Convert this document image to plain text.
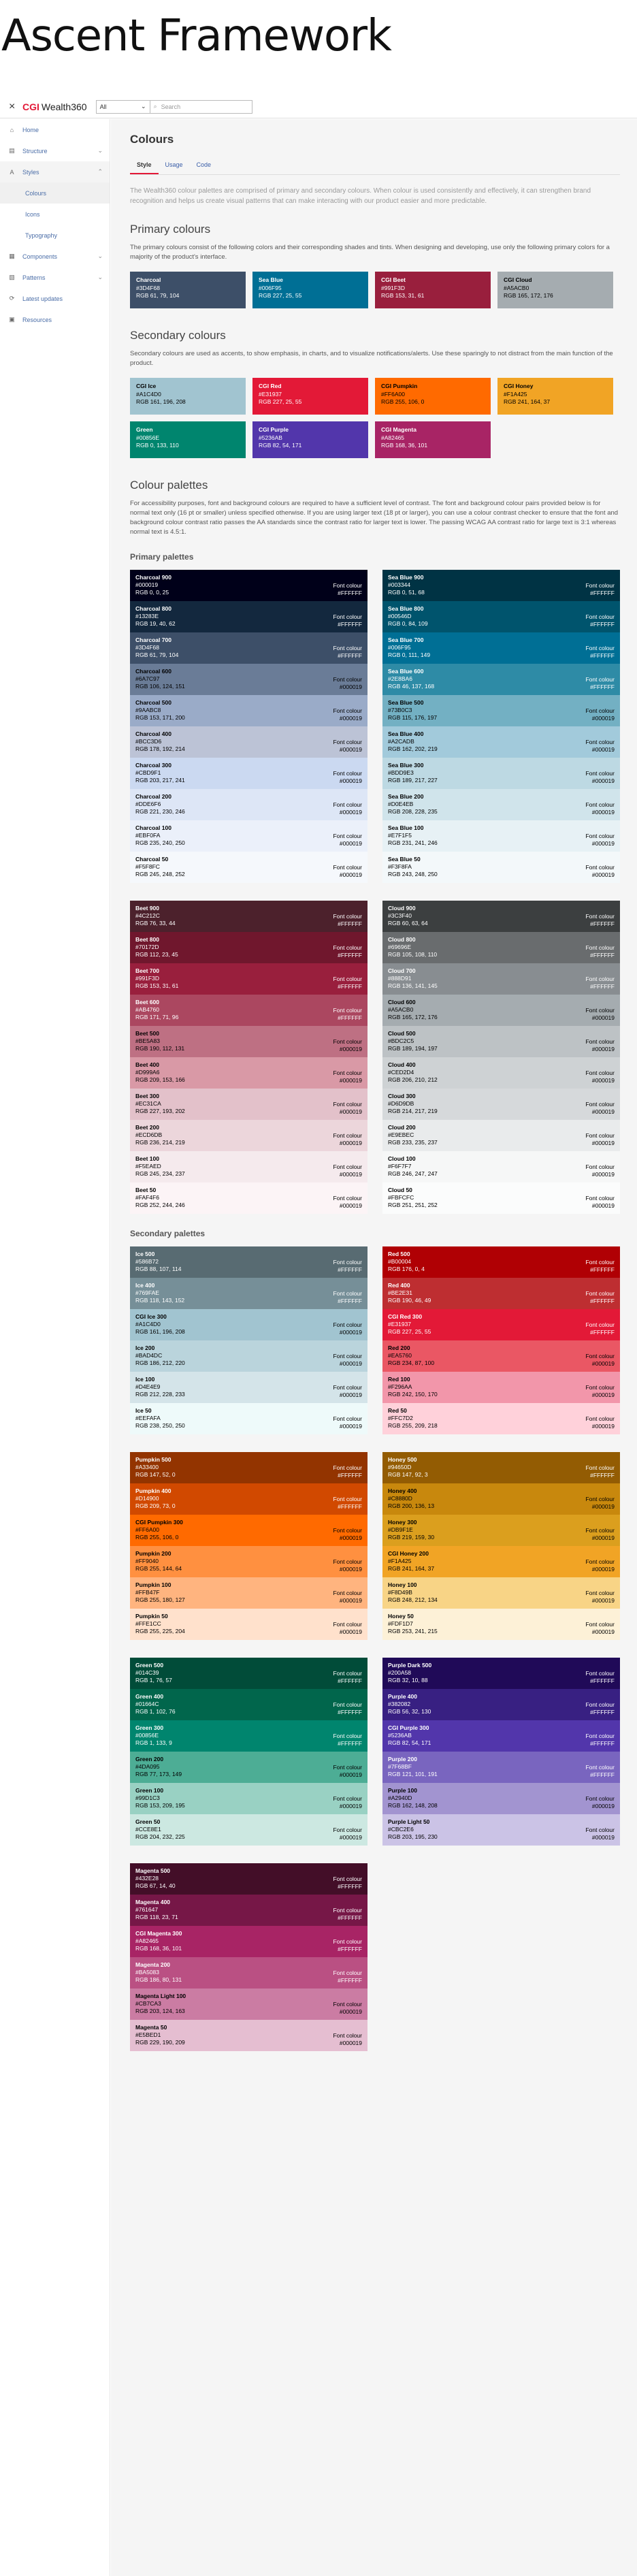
Ascent Framework
× CGI Wealth360 All	⌄ ⌕ Search
⌂	Home
▤ Structure	⌄
A Styles	⌃
Colours
Icons
Typography
▦ Components	⌄
▧ Patterns	⌄
⟳ Latest updates
▣ Resources
Colours
Style	Usage	Code

The Wealth360 colour palettes are comprised of primary and secondary colours. When colour is used consistently and effectively, it can strengthen brand recognition and helps us create visual patterns that can make interacting with our product easier and more predictable.

Primary colours

The primary colours consist of the following colors and their corresponding shades and tints. When designing and developing, use only the following primary colors for a majority of the product's interface.

Charcoal
#3D4F68
RGB 61, 79, 104
Sea Blue
#006F95
RGB 227, 25, 55
CGI Beet
#991F3D
RGB 153, 31, 61
CGI Cloud
#A5ACB0
RGB 165, 172, 176
Secondary colours

Secondary colours are used as accents, to show emphasis, in charts, and to visualize notifications/alerts. Use these sparingly to not distract from the main function of the product.

CGI Ice
#A1C4D0
RGB 161, 196, 208
CGI Red
#E31937
RGB 227, 25, 55
CGI Pumpkin
#FF6A00
RGB 255, 106, 0
CGI Honey
#F1A425
RGB 241, 164, 37
Green
#00856E
RGB 0, 133, 110
CGI Purple
#5236AB
RGB 82, 54, 171
CGI Magenta
#A82465
RGB 168, 36, 101
Colour palettes

For accessibility purposes, font and background colours are required to have a sufficient level of contrast. The font and background colour pairs provided below is for normal text only (16 pt or smaller) unless specified otherwise. If you are using larger text (18 pt or larger), you can use a colour contrast checker to ensure that the font and background colour contrast ratio passes the AA standards since the contrast ratio for larger text is lower. The passing WCAG AA contrast ratio for large text is 3:1 whereas normal text is 4.5:1.

Primary palettes
Charcoal 900
#000019
RGB 0, 0, 25
Font colour
#FFFFFF
Charcoal 800
#13283E
RGB 19, 40, 62
Font colour
#FFFFFF
Charcoal 700
#3D4F68
RGB 61, 79, 104
Font colour
#FFFFFF
Charcoal 600
#6A7C97
RGB 106, 124, 151
Font colour
#000019
Charcoal 500
#9AABC8
RGB 153, 171, 200
Font colour
#000019
Charcoal 400
#BCC3D6
RGB 178, 192, 214
Font colour
#000019
Charcoal 300
#CBD9F1
RGB 203, 217, 241
Font colour
#000019
Charcoal 200
#DDE6F6
RGB 221, 230, 246
Font colour
#000019
Charcoal 100
#EBF0FA
RGB 235, 240, 250
Font colour
#000019
Charcoal 50
#F5F8FC
RGB 245, 248, 252
Font colour
#000019
Sea Blue 900
#003344
RGB 0, 51, 68
Font colour
#FFFFFF
Sea Blue 800
#00546D
RGB 0, 84, 109
Font colour
#FFFFFF
Sea Blue 700
#006F95
RGB 0, 111, 149
Font colour
#FFFFFF
Sea Blue 600
#2E8BA6
RGB 46, 137, 168
Font colour
#FFFFFF
Sea Blue 500
#73B0C3
RGB 115, 176, 197
Font colour
#000019
Sea Blue 400
#A2CADB
RGB 162, 202, 219
Font colour
#000019
Sea Blue 300
#BDD9E3
RGB 189, 217, 227
Font colour
#000019
Sea Blue 200
#D0E4EB
RGB 208, 228, 235
Font colour
#000019
Sea Blue 100
#E7F1F5
RGB 231, 241, 246
Font colour
#000019
Sea Blue 50
#F3F8FA
RGB 243, 248, 250
Font colour
#000019
Beet 900
#4C212C
RGB 76, 33, 44
Font colour
#FFFFFF
Beet 800
#70172D
RGB 112, 23, 45
Font colour
#FFFFFF
Beet 700
#991F3D
RGB 153, 31, 61
Font colour
#FFFFFF
Beet 600
#AB4760
RGB 171, 71, 96
Font colour
#FFFFFF
Beet 500
#BE5A83
RGB 190, 112, 131
Font colour
#000019
Beet 400
#D999A6
RGB 209, 153, 166
Font colour
#000019
Beet 300
#EC31CA
RGB 227, 193, 202
Font colour
#000019
Beet 200
#ECD6DB
RGB 236, 214, 219
Font colour
#000019
Beet 100
#F5EAED
RGB 245, 234, 237
Font colour
#000019
Beet 50
#FAF4F6
RGB 252, 244, 246
Font colour
#000019
Cloud 900
#3C3F40
RGB 60, 63, 64
Font colour
#FFFFFF
Cloud 800
#69696E
RGB 105, 108, 110
Font colour
#FFFFFF
Cloud 700
#888D91
RGB 136, 141, 145
Font colour
#FFFFFF
Cloud 600
#A5ACB0
RGB 165, 172, 176
Font colour
#000019
Cloud 500
#BDC2C5
RGB 189, 194, 197
Font colour
#000019
Cloud 400
#CED2D4
RGB 206, 210, 212
Font colour
#000019
Cloud 300
#D6D9DB
RGB 214, 217, 219
Font colour
#000019
Cloud 200
#E9EBEC
RGB 233, 235, 237
Font colour
#000019
Cloud 100
#F6F7F7
RGB 246, 247, 247
Font colour
#000019
Cloud 50
#FBFCFC
RGB 251, 251, 252
Font colour
#000019
Secondary palettes
Ice 500
#586B72
RGB 88, 107, 114
Font colour
#FFFFFF
Ice 400
#769FAE
RGB 118, 143, 152
Font colour
#FFFFFF
CGI Ice 300
#A1C4D0
RGB 161, 196, 208
Font colour
#000019
Ice 200
#BAD4DC
RGB 186, 212, 220
Font colour
#000019
Ice 100
#D4E4E9
RGB 212, 228, 233
Font colour
#000019
Ice 50
#EEFAFA
RGB 238, 250, 250
Font colour
#000019
Red 500
#B00004
RGB 176, 0, 4
Font colour
#FFFFFF
Red 400
#BE2E31
RGB 190, 46, 49
Font colour
#FFFFFF
CGI Red 300
#E31937
RGB 227, 25, 55
Font colour
#FFFFFF
Red 200
#EA5760
RGB 234, 87, 100
Font colour
#000019
Red 100
#F296AA
RGB 242, 150, 170
Font colour
#000019
Red 50
#FFC7D2
RGB 255, 209, 218
Font colour
#000019
Pumpkin 500
#A33400
RGB 147, 52, 0
Font colour
#FFFFFF
Pumpkin 400
#D14900
RGB 209, 73, 0
Font colour
#FFFFFF
CGI Pumpkin 300
#FF6A00
RGB 255, 106, 0
Font colour
#000019
Pumpkin 200
#FF9040
RGB 255, 144, 64
Font colour
#000019
Pumpkin 100
#FFB47F
RGB 255, 180, 127
Font colour
#000019
Pumpkin 50
#FFE1CC
RGB 255, 225, 204
Font colour
#000019
Honey 500
#94650D
RGB 147, 92, 3
Font colour
#FFFFFF
Honey 400
#C8880D
RGB 200, 136, 13
Font colour
#000019
Honey 300
#DB9F1E
RGB 219, 159, 30
Font colour
#000019
CGI Honey 200
#F1A425
RGB 241, 164, 37
Font colour
#000019
Honey 100
#F8D49B
RGB 248, 212, 134
Font colour
#000019
Honey 50
#FDF1D7
RGB 253, 241, 215
Font colour
#000019
Green 500
#014C39
RGB 1, 76, 57
Font colour
#FFFFFF
Green 400
#01664C
RGB 1, 102, 76
Font colour
#FFFFFF
Green 300
#00856E
RGB 1, 133, 9
Font colour
#FFFFFF
Green 200
#4DA095
RGB 77, 173, 149
Font colour
#000019
Green 100
#99D1C3
RGB 153, 209, 195
Font colour
#000019
Green 50
#CCE8E1
RGB 204, 232, 225
Font colour
#000019
Purple Dark 500
#200A58
RGB 32, 10, 88
Font colour
#FFFFFF
Purple 400
#382082
RGB 56, 32, 130
Font colour
#FFFFFF
CGI Purple 300
#5236AB
RGB 82, 54, 171
Font colour
#FFFFFF
Purple 200
#7F68BF
RGB 121, 101, 191
Font colour
#FFFFFF
Purple 100
#A2940D
RGB 162, 148, 208
Font colour
#000019
Purple Light 50
#CBC2E6
RGB 203, 195, 230
Font colour
#000019
Magenta 500
#432E28
RGB 67, 14, 40
Font colour
#FFFFFF
Magenta 400
#761647
RGB 118, 23, 71
Font colour
#FFFFFF
CGI Magenta 300
#A82465
RGB 168, 36, 101
Font colour
#FFFFFF
Magenta 200
#BA5083
RGB 186, 80, 131
Font colour
#FFFFFF
Magenta Light 100
#CB7CA3
RGB 203, 124, 163
Font colour
#000019
Magenta 50
#E5BED1
RGB 229, 190, 209
Font colour
#000019
